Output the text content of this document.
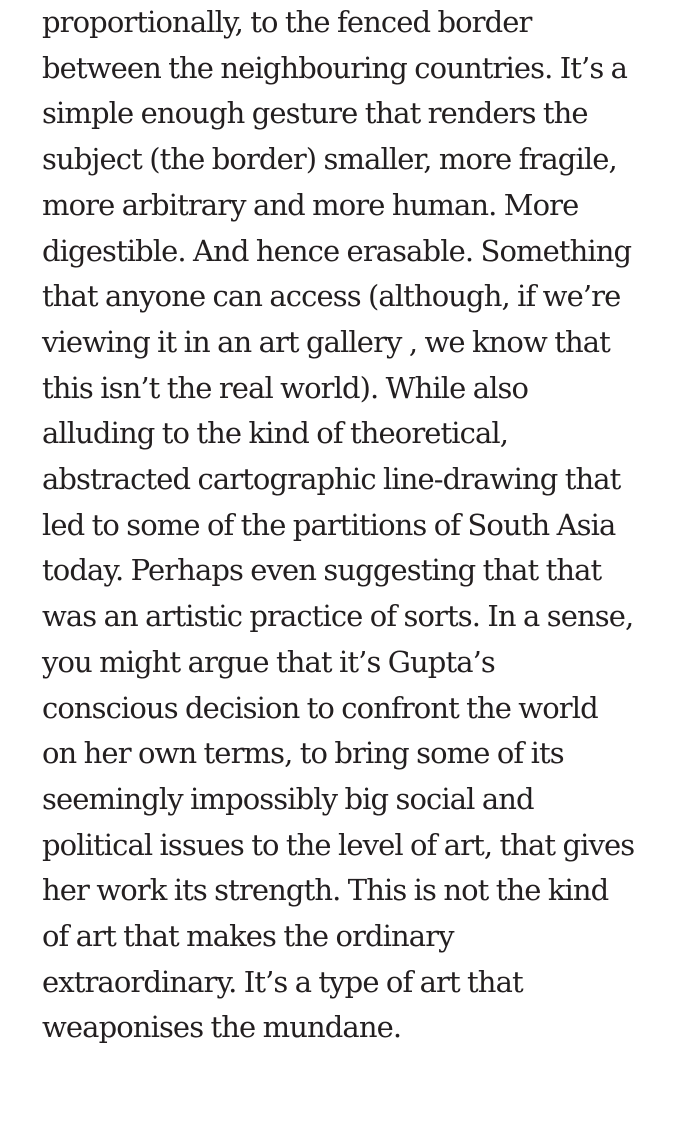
proportionally, to the fenced border
between the neighbouring countries. It’s a
simple enough gesture that renders the
subject (the border) smaller, more fragile,
more arbitrary and more human. More
digestible. And hence erasable. Something
that anyone can access (although, if we’re
viewing it in an art gallery , we know that
this isn’t the real world). While also
alluding to the kind of theoretical,
abstracted cartographic line-drawing that
led to some of the partitions of South Asia
today. Perhaps even suggesting that that
was an artistic practice of sorts. In a sense,
you might argue that it’s Gupta’s
conscious decision to confront the world
on her own terms, to bring some of its
seemingly impossibly big social and
political issues to the level of art, that gives
her work its strength. This is not the kind
of art that makes the ordinary
extraordinary. It’s a type of art that
weaponises the mundane.
